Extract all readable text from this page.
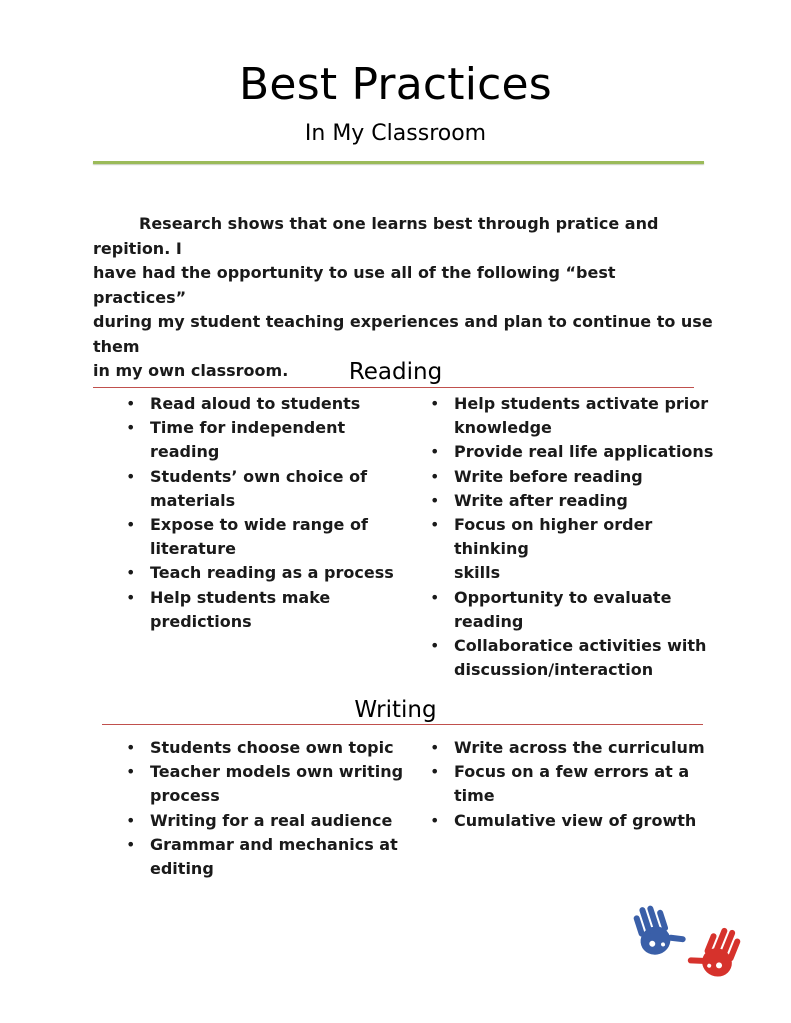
Best Practices
In My Classroom
Research shows that one learns best through pratice and repition. I
have had the opportunity to use all of the following “best practices”
during my student teaching experiences and plan to continue to use them
in my own classroom.	Reading
• Read aloud to students
• Time for independent reading
• Students’ own choice of
materials
• Expose to wide range of
literature
• Teach reading as a process
• Help students make
predictions
• Help students activate prior
knowledge
• Provide real life applications
• Write before reading
• Write after reading
• Focus on higher order thinking
skills
• Opportunity to evaluate reading
• Collaboratice activities with
discussion/interaction
Writing
• Students choose own topic
• Teacher models own writing
process
• Writing for a real audience
• Grammar and mechanics at
editing
• Write across the curriculum
• Focus on a few errors at a
time
• Cumulative view of growth
